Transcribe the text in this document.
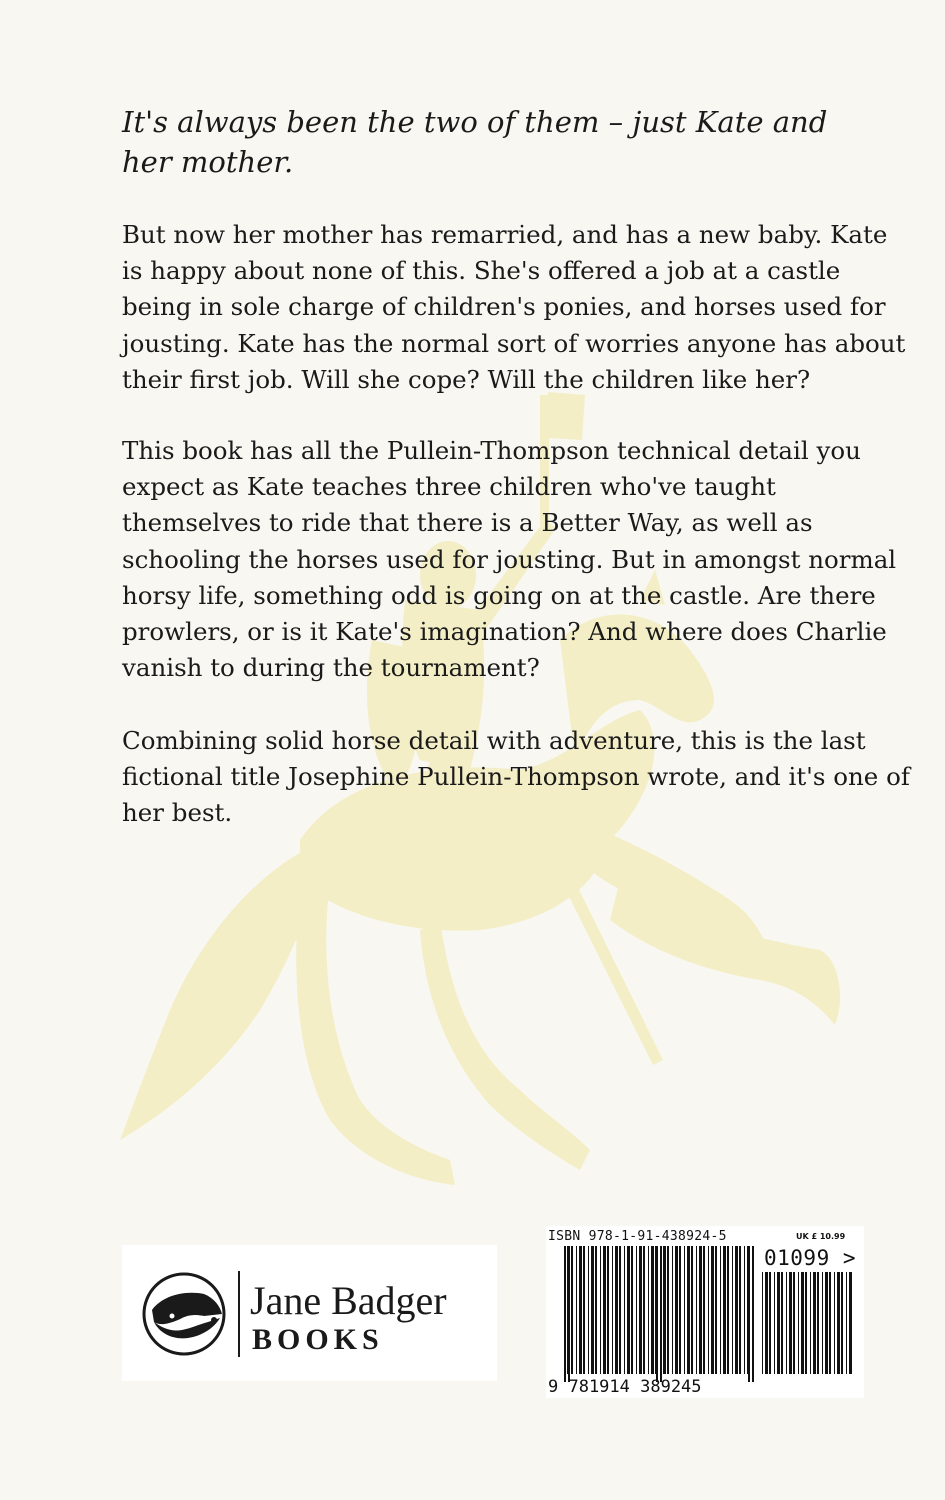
It's always been the two of them – just Kate and her mother.

But now her mother has remarried, and has a new baby. Kate is happy about none of this. She's offered a job at a castle being in sole charge of children's ponies, and horses used for jousting. Kate has the normal sort of worries anyone has about their first job. Will she cope? Will the children like her?

This book has all the Pullein-Thompson technical detail you expect as Kate teaches three children who've taught themselves to ride that there is a Better Way, as well as schooling the horses used for jousting. But in amongst normal horsy life, something odd is going on at the castle. Are there prowlers, or is it Kate's imagination? And where does Charlie vanish to during the tournament?

Combining solid horse detail with adventure, this is the last fictional title Josephine Pullein-Thompson wrote, and it's one of her best.

Jane Badger
BOOKS
ISBN 978-1-91-438924-5	UK £ 10.99
01099 >
9 781914 389245
